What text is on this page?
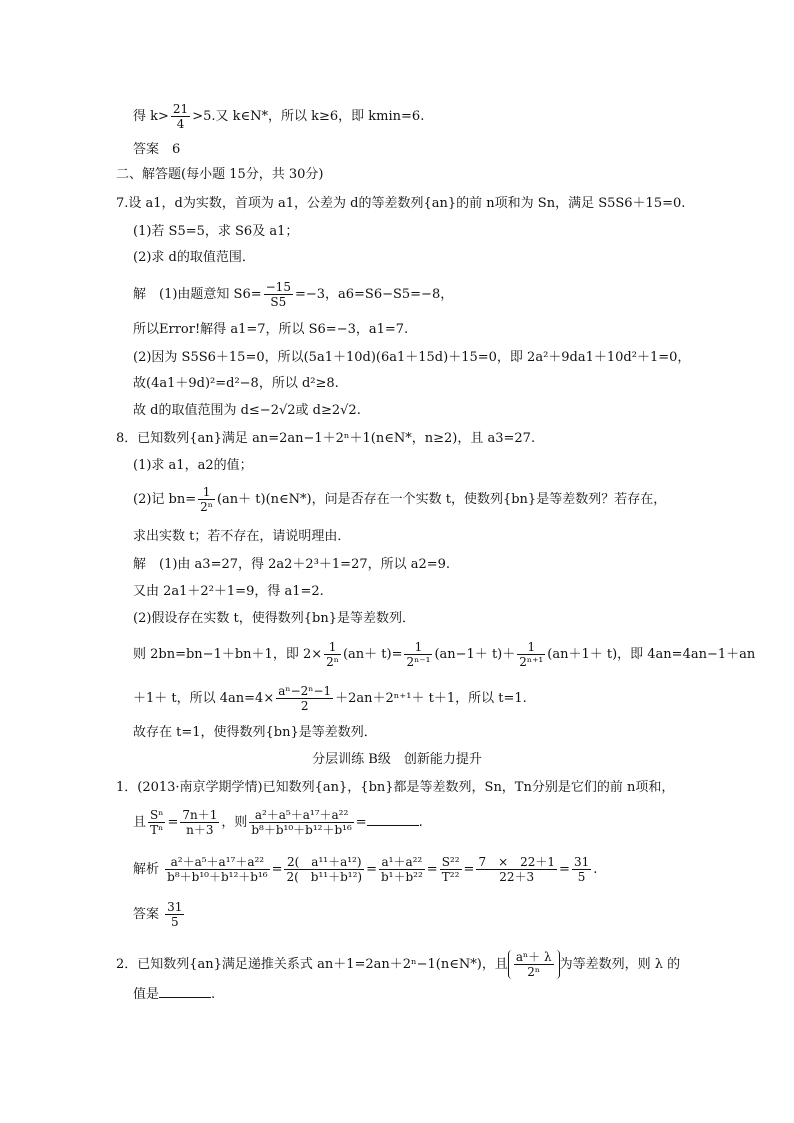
得 $k> \frac{21}{4} >5$.又 k∈N*，所以 k≥6，即 kmin=6.
答案　6
二、解答题(每小题 15分，共 30分)
7.设 a1，d为实数，首项为 a1，公差为 d的等差数列{an}的前 n项和为 Sn，满足 S5S6＋15=0.
(1)若 S5=5，求 S6及 a1；
(2)求 d的取值范围．
解　(1)由题意知 $S6= \frac{-15}{S5} =-3$，a6=S6−S5=−8，
所以Error!解得 a1=7，所以 S6=−3，a1=7.
(2)因为 S5S6＋15=0，所以(5a1＋10d)(6a1＋15d)＋15=0，即 2a²＋9da1＋10d²＋1=0，
故(4a1＋9d)²=d²−8，所以 d²≥8.
故 d的取值范围为 d≤−2√2或 d≥2√2.
8．已知数列{an}满足 an=2an−1＋2ⁿ＋1(n∈N*，n≥2)，且 a3=27.
(1)求 a1，a2的值；
(2)记 $bn= \frac{1}{\text{2ⁿ}} (an+$ t)(n∈N*)，问是否存在一个实数 t，使数列{bn}是等差数列？若存在，
求出实数 t；若不存在，请说明理由．
解　(1)由 a3=27，得 2a2＋2³＋1=27，所以 a2=9.
又由 2a1＋2²＋1=9，得 a1=2.
(2)假设存在实数 t，使得数列{bn}是等差数列．
则 2bn=bn−1＋bn＋1，即 $2\times \frac{1}{\text{2ⁿ}} (an+ t)= \frac{1}{\text{2ⁿ⁻¹}} (an-1+ t)+ \frac{1}{\text{2ⁿ⁺¹}} (an+1+ t)$，即 4an=4an−1＋an
＋1＋ t，所以 $4an=4\times \frac{\text{aⁿ−2ⁿ−1}}{2} +2an+2^{n+1}+ t+1$，所以 t=1.
故存在 t=1，使得数列{bn}是等差数列．
分层训练 B级　创新能力提升
1．(2013·南京学期学情)已知数列{an}，{bn}都是等差数列，Sn，Tn分别是它们的前 n项和，
且 $\frac{\text{Sⁿ}}{\text{Tⁿ}} = \frac{7n+1}{n+3}$ ，则 $\frac{\text{a²＋a⁵＋a¹⁷＋a²²}}{\text{b⁸＋b¹⁰＋b¹²＋b¹⁶}}$ =	.
解析 $\frac{\text{a²＋a⁵＋a¹⁷＋a²²}}{\text{b⁸＋b¹⁰＋b¹²＋b¹⁶}} = \frac{\text{2(　a¹¹＋a¹²)}}{\text{2(　b¹¹＋b¹²)}} = \frac{\text{a¹＋a²²}}{\text{b¹＋b²²}} = \frac{\text{S²²}}{\text{T²²}} = \frac{7 \times 22+1}{22+3} = \frac{31}{5}$ .
答案 $\frac{31}{5}$
2．已知数列{an}满足递推关系式 an＋1=2an＋2ⁿ−1(n∈N*)，且 $\frac{\text{aⁿ＋ λ}}{\text{2ⁿ}}$ 为等差数列，则 λ 的
值是	.
